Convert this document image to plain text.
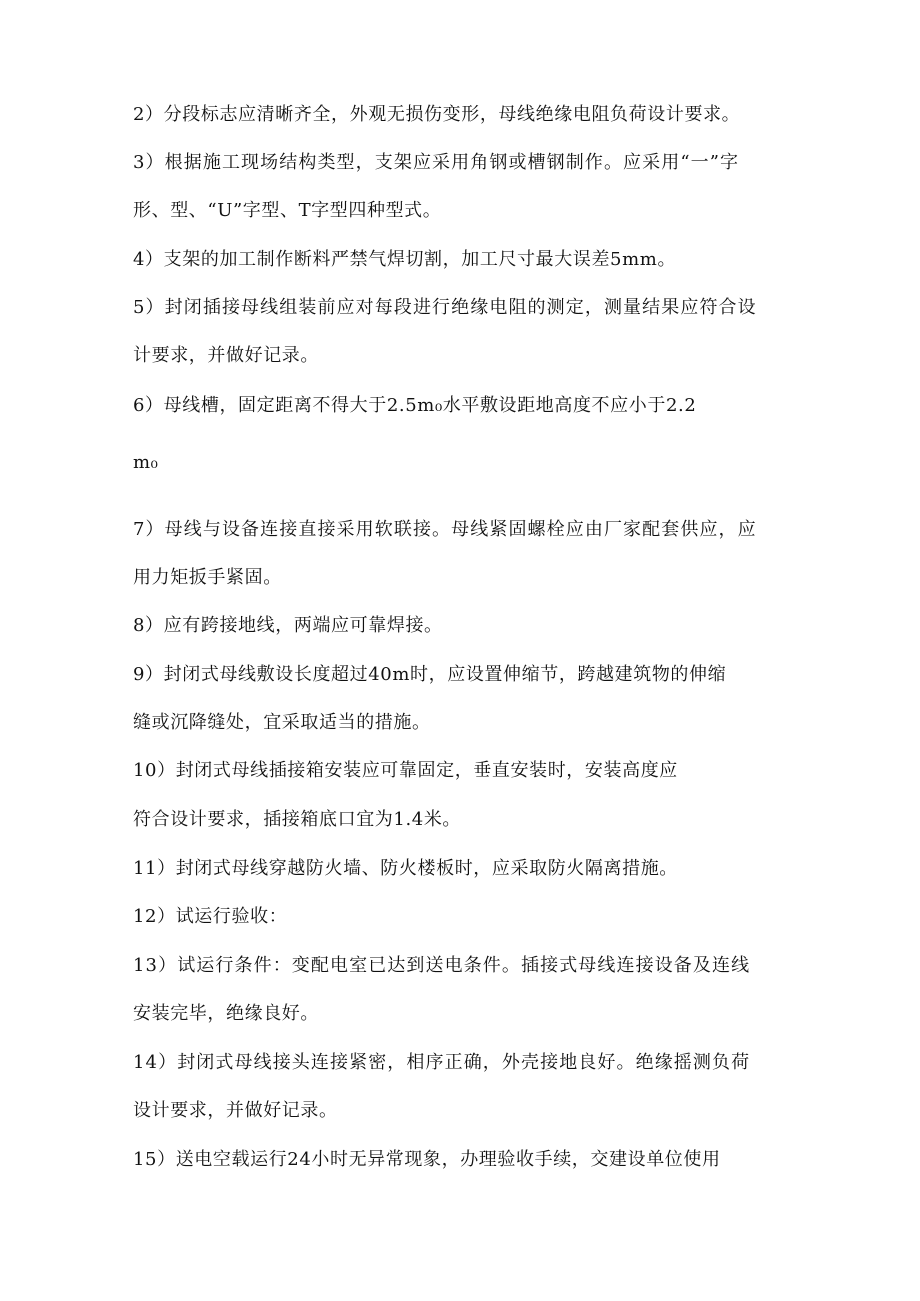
2）分段标志应清晰齐全，外观无损伤变形，母线绝缘电阻负荷设计要求。
3）根据施工现场结构类型，支架应采用角钢或槽钢制作。应采用“一”字
形、型、“U”字型、T字型四种型式。
4）支架的加工制作断料严禁气焊切割，加工尺寸最大误差5mm。
5）封闭插接母线组装前应对每段进行绝缘电阻的测定，测量结果应符合设
计要求，并做好记录。
6）母线槽，固定距离不得大于2.5m₀水平敷设距地高度不应小于2.2
m₀
7）母线与设备连接直接采用软联接。母线紧固螺栓应由厂家配套供应，应
用力矩扳手紧固。
8）应有跨接地线，两端应可靠焊接。
9）封闭式母线敷设长度超过40m时，应设置伸缩节，跨越建筑物的伸缩
缝或沉降缝处，宜采取适当的措施。
10）封闭式母线插接箱安装应可靠固定，垂直安装时，安装高度应
符合设计要求，插接箱底口宜为1.4米。
11）封闭式母线穿越防火墙、防火楼板时，应采取防火隔离措施。
12）试运行验收：
13）试运行条件：变配电室已达到送电条件。插接式母线连接设备及连线
安装完毕，绝缘良好。
14）封闭式母线接头连接紧密，相序正确，外壳接地良好。绝缘摇测负荷
设计要求，并做好记录。
15）送电空载运行24小时无异常现象，办理验收手续，交建设单位使用
